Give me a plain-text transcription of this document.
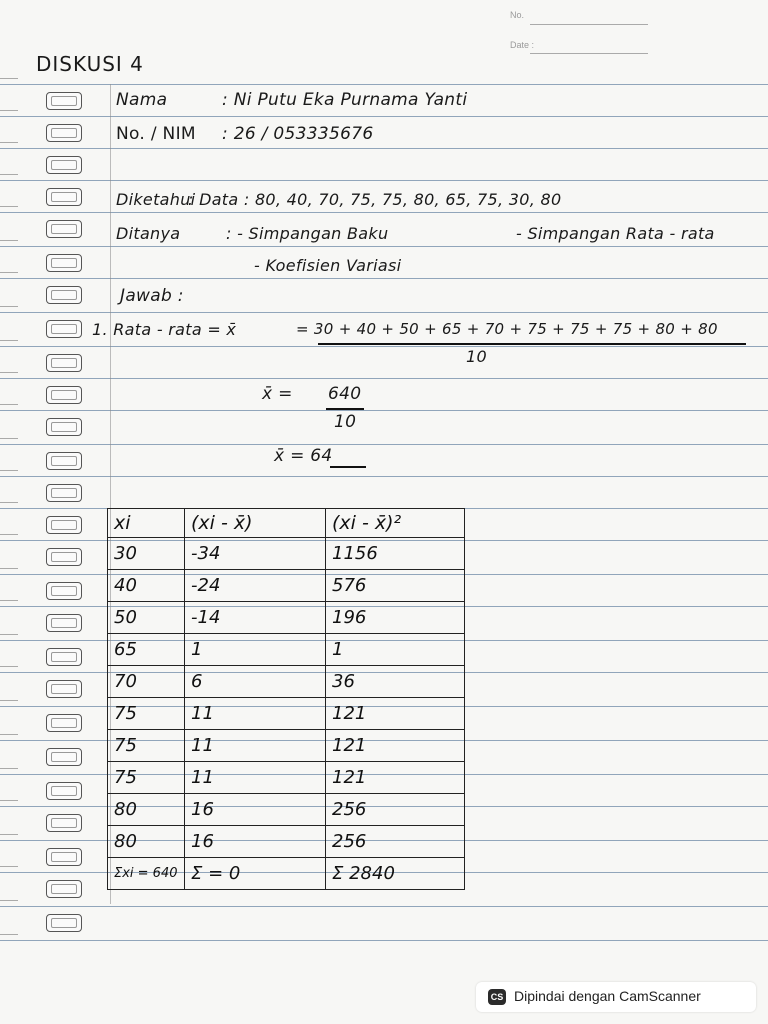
No.
Date :
DISKUSI 4
Nama	: Ni Putu Eka Purnama Yanti
No. / NIM : 26 / 053335676
Diketahui
: Data : 80, 40, 70, 75, 75, 80, 65, 75, 30, 80
Ditanya	: - Simpangan Baku	- Simpangan Rata - rata
- Koefisien Variasi
Jawab :
1. Rata - rata = x̄	= 30 + 40 + 50 + 65 + 70 + 75 + 75 + 75 + 80 + 80
10
x̄ = 640
10
x̄ = 64
xi	(xi - x̄)	(xi - x̄)²
30	-34	1156
40	-24	576
50	-14	196
65	1	1
70	6	36
75	11	121
75	11	121
75	11	121
80	16	256
80	16	256
Σxi = 640	Σ = 0	Σ 2840
CS Dipindai dengan CamScanner
